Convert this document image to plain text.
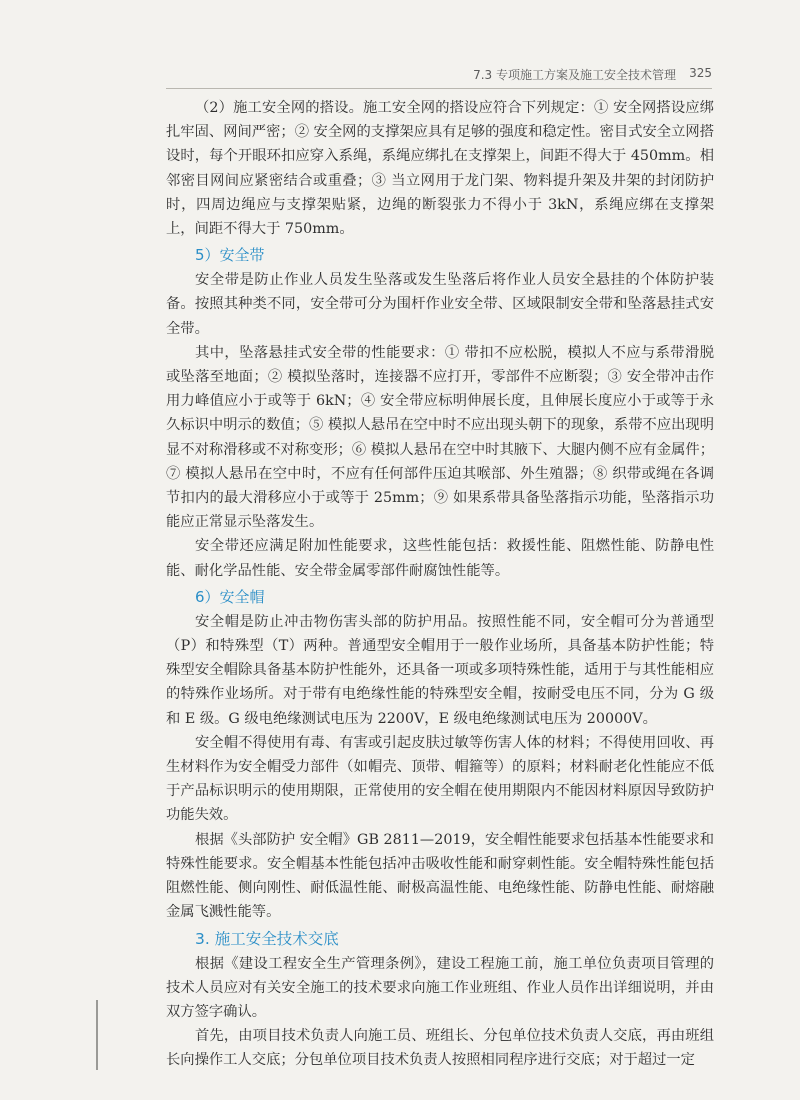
7.3 专项施工方案及施工安全技术管理 325

（2）施工安全网的搭设。施工安全网的搭设应符合下列规定：① 安全网搭设应绑扎牢固、网间严密；② 安全网的支撑架应具有足够的强度和稳定性。密目式安全立网搭设时，每个开眼环扣应穿入系绳，系绳应绑扎在支撑架上，间距不得大于 450mm。相邻密目网间应紧密结合或重叠；③ 当立网用于龙门架、物料提升架及井架的封闭防护时，四周边绳应与支撑架贴紧，边绳的断裂张力不得小于 3kN，系绳应绑在支撑架上，间距不得大于 750mm。

5）安全带

安全带是防止作业人员发生坠落或发生坠落后将作业人员安全悬挂的个体防护装备。按照其种类不同，安全带可分为围杆作业安全带、区域限制安全带和坠落悬挂式安全带。

其中，坠落悬挂式安全带的性能要求：① 带扣不应松脱，模拟人不应与系带滑脱或坠落至地面；② 模拟坠落时，连接器不应打开，零部件不应断裂；③ 安全带冲击作用力峰值应小于或等于 6kN；④ 安全带应标明伸展长度，且伸展长度应小于或等于永久标识中明示的数值；⑤ 模拟人悬吊在空中时不应出现头朝下的现象，系带不应出现明显不对称滑移或不对称变形；⑥ 模拟人悬吊在空中时其腋下、大腿内侧不应有金属件；⑦ 模拟人悬吊在空中时，不应有任何部件压迫其喉部、外生殖器；⑧ 织带或绳在各调节扣内的最大滑移应小于或等于 25mm；⑨ 如果系带具备坠落指示功能，坠落指示功能应正常显示坠落发生。

安全带还应满足附加性能要求，这些性能包括：救援性能、阻燃性能、防静电性能、耐化学品性能、安全带金属零部件耐腐蚀性能等。

6）安全帽

安全帽是防止冲击物伤害头部的防护用品。按照性能不同，安全帽可分为普通型（P）和特殊型（T）两种。普通型安全帽用于一般作业场所，具备基本防护性能；特殊型安全帽除具备基本防护性能外，还具备一项或多项特殊性能，适用于与其性能相应的特殊作业场所。对于带有电绝缘性能的特殊型安全帽，按耐受电压不同，分为 G 级和 E 级。G 级电绝缘测试电压为 2200V，E 级电绝缘测试电压为 20000V。

安全帽不得使用有毒、有害或引起皮肤过敏等伤害人体的材料；不得使用回收、再生材料作为安全帽受力部件（如帽壳、顶带、帽箍等）的原料；材料耐老化性能应不低于产品标识明示的使用期限，正常使用的安全帽在使用期限内不能因材料原因导致防护功能失效。

根据《头部防护 安全帽》GB 2811—2019，安全帽性能要求包括基本性能要求和特殊性能要求。安全帽基本性能包括冲击吸收性能和耐穿刺性能。安全帽特殊性能包括阻燃性能、侧向刚性、耐低温性能、耐极高温性能、电绝缘性能、防静电性能、耐熔融金属飞溅性能等。

3. 施工安全技术交底

根据《建设工程安全生产管理条例》，建设工程施工前，施工单位负责项目管理的技术人员应对有关安全施工的技术要求向施工作业班组、作业人员作出详细说明，并由双方签字确认。

首先，由项目技术负责人向施工员、班组长、分包单位技术负责人交底，再由班组长向操作工人交底；分包单位项目技术负责人按照相同程序进行交底；对于超过一定
